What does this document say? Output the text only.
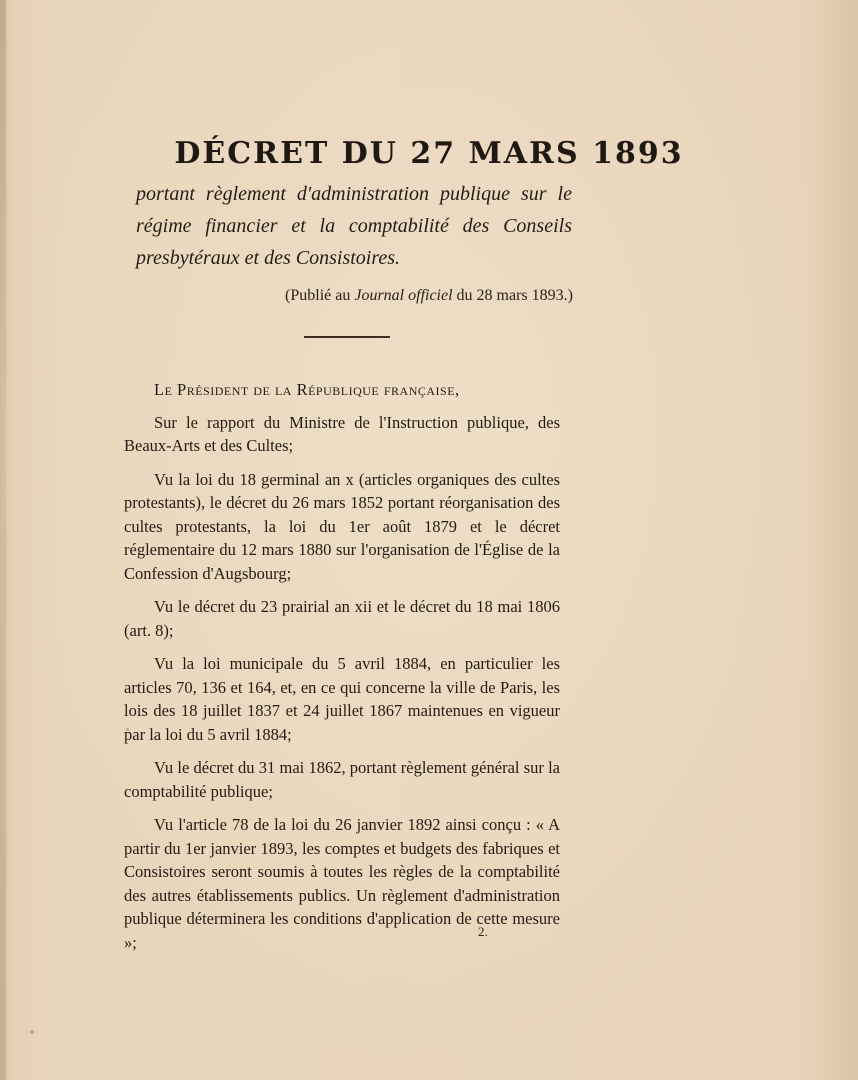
DÉCRET DU 27 MARS 1893
portant règlement d'administration publique sur le régime financier et la comptabilité des Conseils presbytéraux et des Consistoires.
(Publié au Journal officiel du 28 mars 1893.)

Le Président de la République française,

Sur le rapport du Ministre de l'Instruction publique, des Beaux-Arts et des Cultes;

Vu la loi du 18 germinal an x (articles organiques des cultes protestants), le décret du 26 mars 1852 portant réorganisation des cultes protestants, la loi du 1er août 1879 et le décret réglementaire du 12 mars 1880 sur l'organisation de l'Église de la Confession d'Augsbourg;

Vu le décret du 23 prairial an xii et le décret du 18 mai 1806 (art. 8);

Vu la loi municipale du 5 avril 1884, en particulier les articles 70, 136 et 164, et, en ce qui concerne la ville de Paris, les lois des 18 juillet 1837 et 24 juillet 1867 maintenues en vigueur par la loi du 5 avril 1884;

Vu le décret du 31 mai 1862, portant règlement général sur la comptabilité publique;

Vu l'article 78 de la loi du 26 janvier 1892 ainsi conçu : « A partir du 1er janvier 1893, les comptes et budgets des fabriques et Consistoires seront soumis à toutes les règles de la comptabilité des autres établissements publics. Un règlement d'administration publique déterminera les conditions d'application de cette mesure »;

2.
